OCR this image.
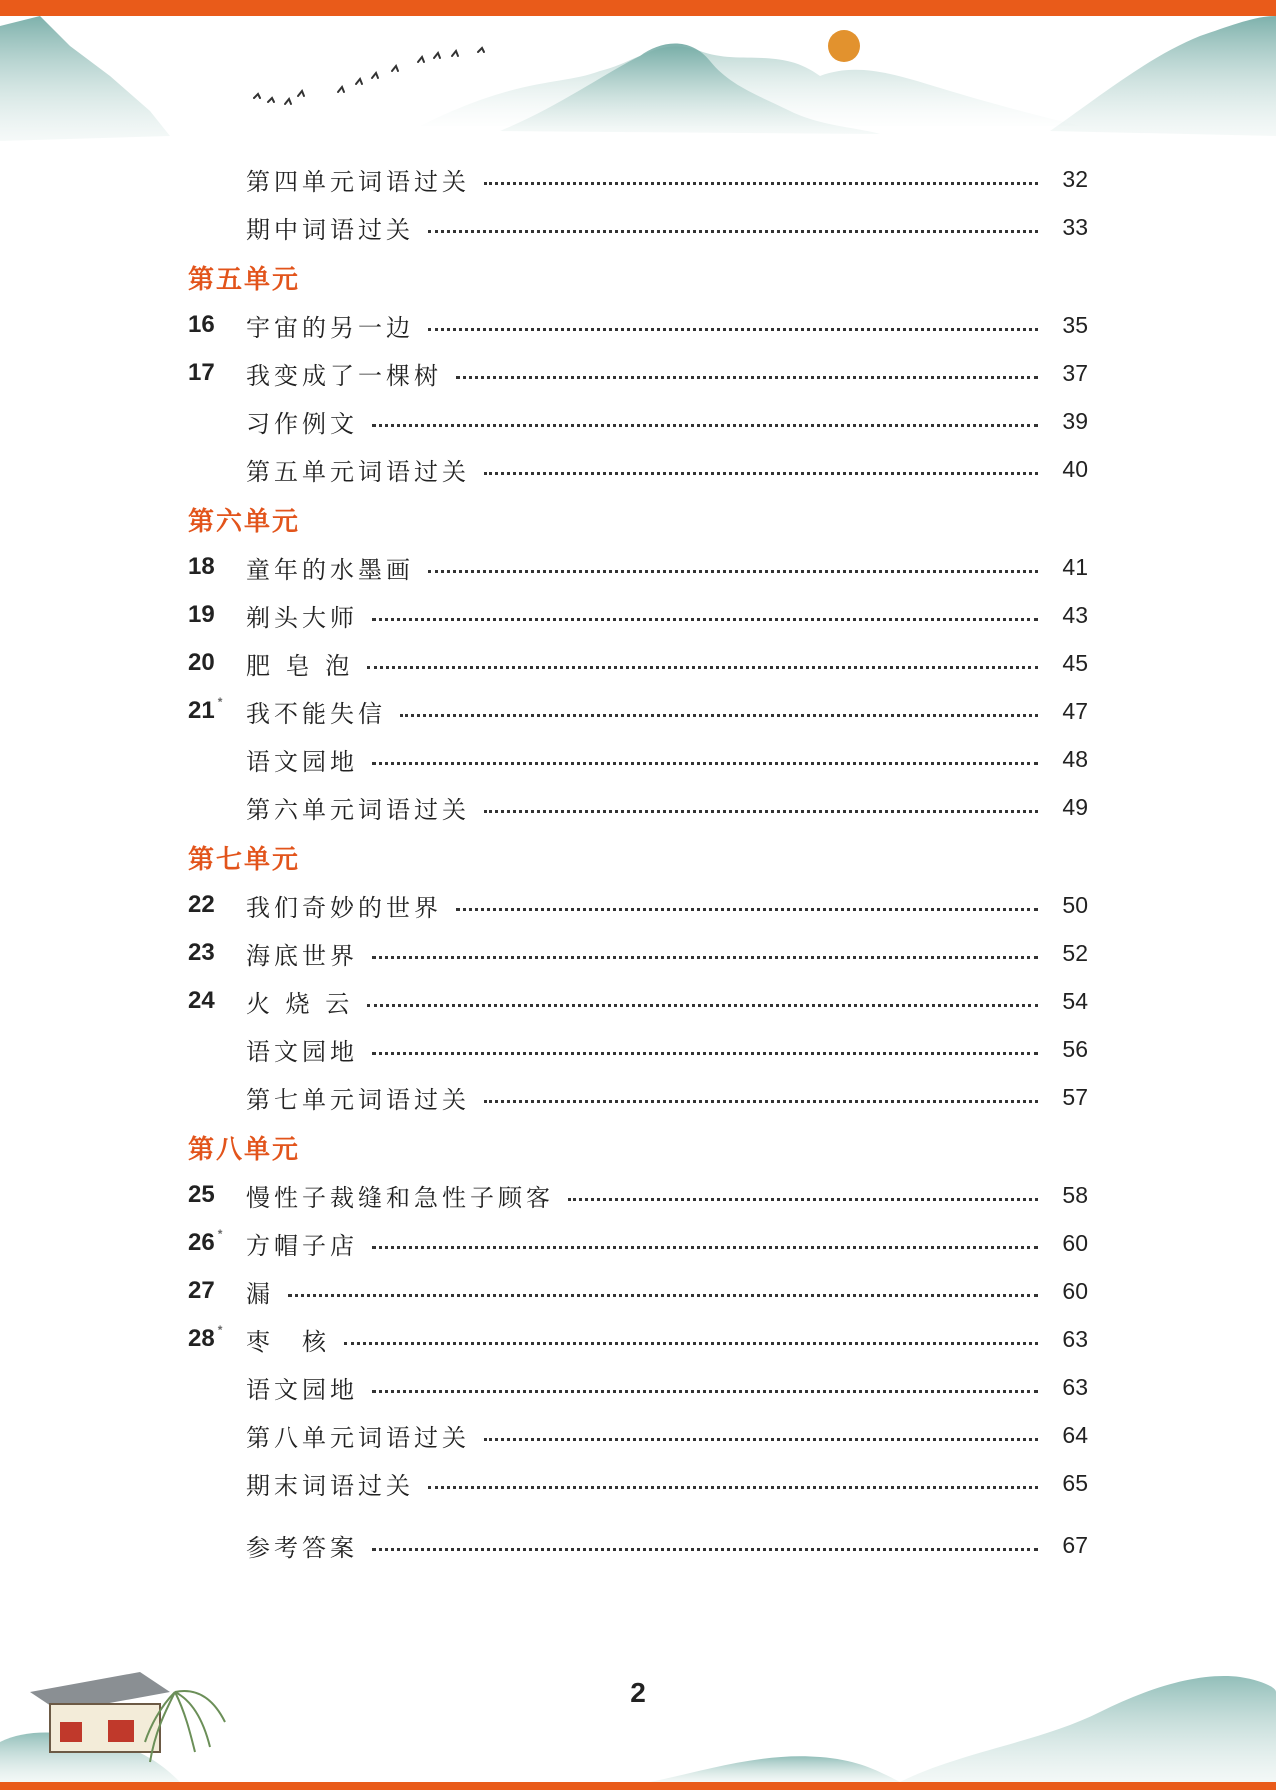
第四单元词语过关	32
期中词语过关	33
第五单元
16	宇宙的另一边	35
17	我变成了一棵树	37
习作例文	39
第五单元词语过关	40
第六单元
18	童年的水墨画	41
19	剃头大师	43
20	肥 皂 泡	45
21 * 我不能失信	47
语文园地	48
第六单元词语过关	49
第七单元
22	我们奇妙的世界	50
23	海底世界	52
24	火 烧 云	54
语文园地	56
第七单元词语过关	57
第八单元
25	慢性子裁缝和急性子顾客	58
26 * 方帽子店	60
27	漏	60
28 * 枣　核	63
语文园地	63
第八单元词语过关	64
期末词语过关	65
参考答案	67
2
